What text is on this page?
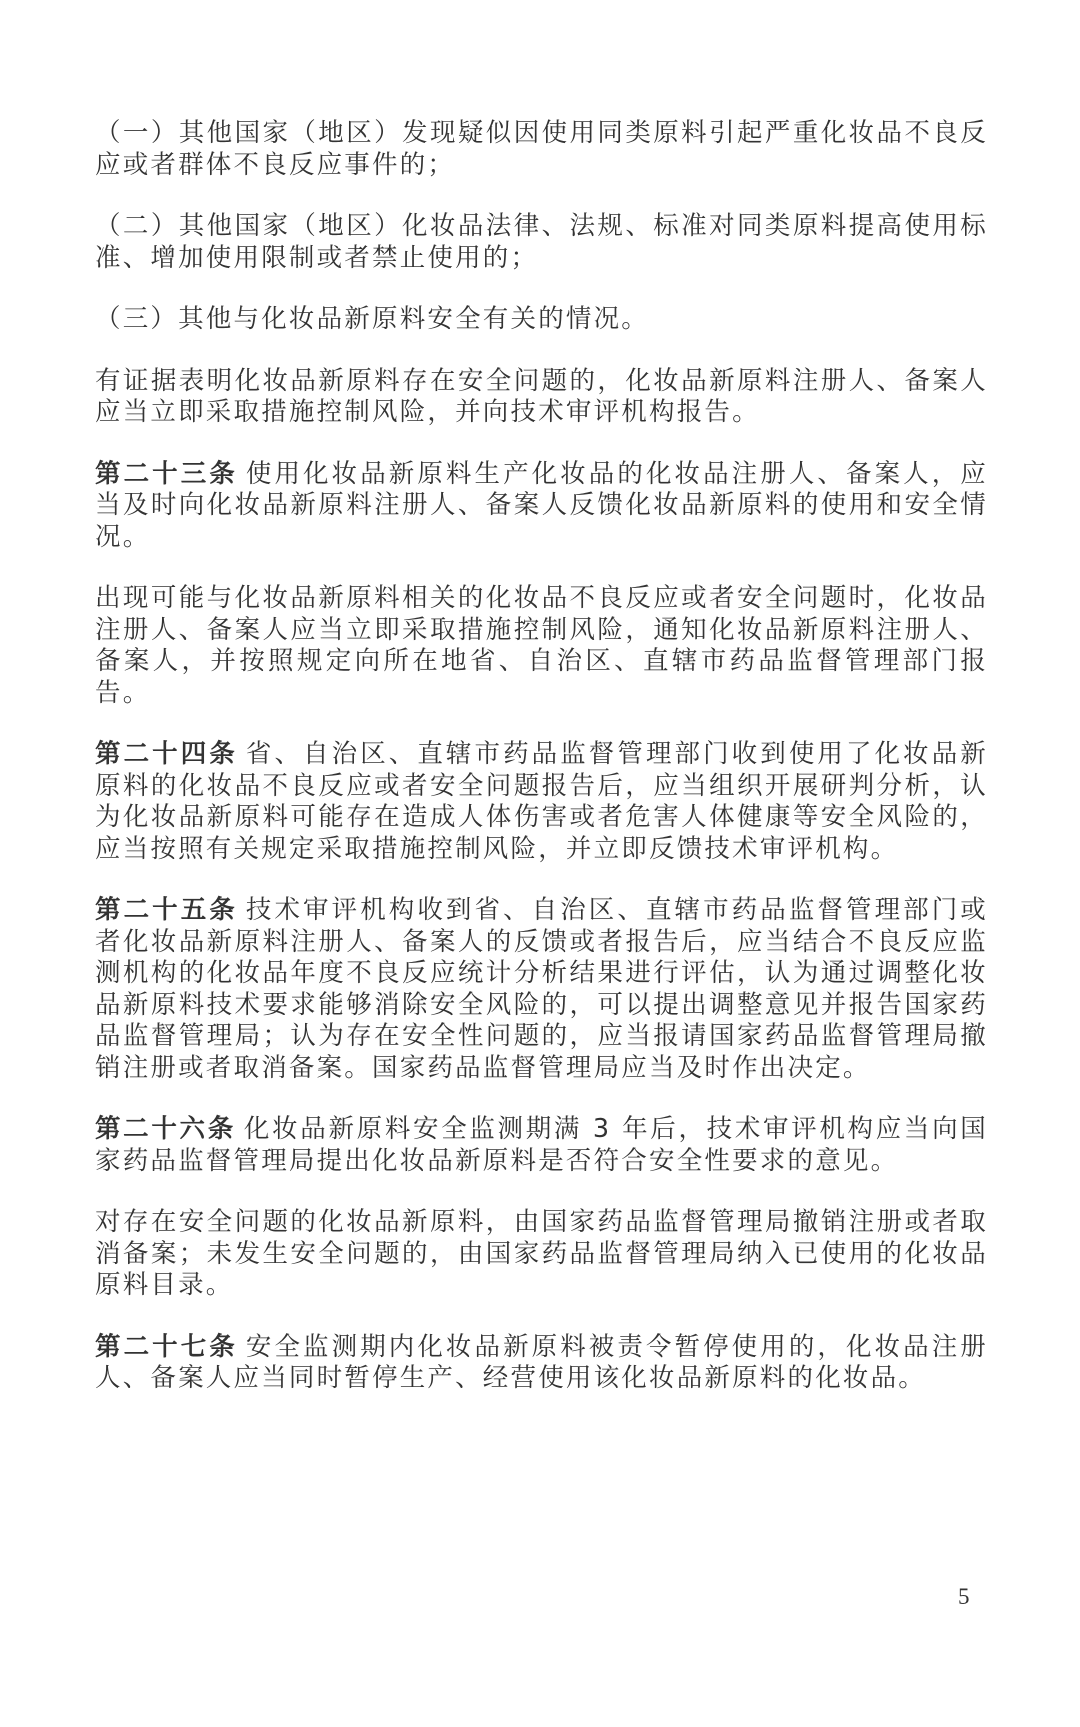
（一）其他国家（地区）发现疑似因使用同类原料引起严重化妆品不良反应或者群体不良反应事件的；

（二）其他国家（地区）化妆品法律、法规、标准对同类原料提高使用标准、增加使用限制或者禁止使用的；

（三）其他与化妆品新原料安全有关的情况。

有证据表明化妆品新原料存在安全问题的，化妆品新原料注册人、备案人应当立即采取措施控制风险，并向技术审评机构报告。

第二十三条 使用化妆品新原料生产化妆品的化妆品注册人、备案人，应当及时向化妆品新原料注册人、备案人反馈化妆品新原料的使用和安全情况。

出现可能与化妆品新原料相关的化妆品不良反应或者安全问题时，化妆品注册人、备案人应当立即采取措施控制风险，通知化妆品新原料注册人、备案人，并按照规定向所在地省、自治区、直辖市药品监督管理部门报告。

第二十四条 省、自治区、直辖市药品监督管理部门收到使用了化妆品新原料的化妆品不良反应或者安全问题报告后，应当组织开展研判分析，认为化妆品新原料可能存在造成人体伤害或者危害人体健康等安全风险的，应当按照有关规定采取措施控制风险，并立即反馈技术审评机构。

第二十五条 技术审评机构收到省、自治区、直辖市药品监督管理部门或者化妆品新原料注册人、备案人的反馈或者报告后，应当结合不良反应监测机构的化妆品年度不良反应统计分析结果进行评估，认为通过调整化妆品新原料技术要求能够消除安全风险的，可以提出调整意见并报告国家药品监督管理局；认为存在安全性问题的，应当报请国家药品监督管理局撤销注册或者取消备案。国家药品监督管理局应当及时作出决定。

第二十六条 化妆品新原料安全监测期满 3 年后，技术审评机构应当向国家药品监督管理局提出化妆品新原料是否符合安全性要求的意见。

对存在安全问题的化妆品新原料，由国家药品监督管理局撤销注册或者取消备案；未发生安全问题的，由国家药品监督管理局纳入已使用的化妆品原料目录。

第二十七条 安全监测期内化妆品新原料被责令暂停使用的，化妆品注册人、备案人应当同时暂停生产、经营使用该化妆品新原料的化妆品。

5
